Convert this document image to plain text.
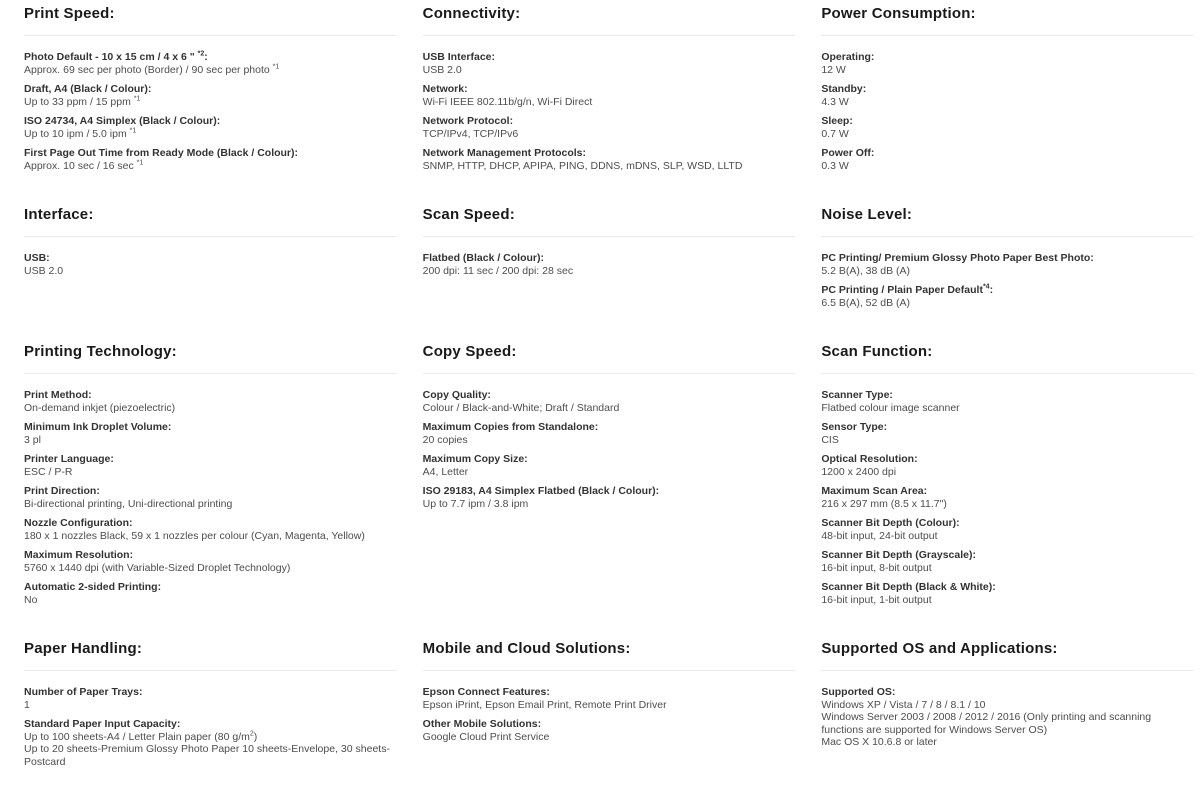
Print Speed:
Photo Default - 10 x 15 cm / 4 x 6 " $^{*2}$:
Approx. 69 sec per photo (Border) / 90 sec per photo $^{*1}$
Draft, A4 (Black / Colour):
Up to 33 ppm / 15 ppm $^{*1}$
ISO 24734, A4 Simplex (Black / Colour):
Up to 10 ipm / 5.0 ipm $^{*1}$
First Page Out Time from Ready Mode (Black / Colour):
Approx. 10 sec / 16 sec $^{*1}$
Connectivity:
USB Interface:
USB 2.0
Network:
Wi-Fi IEEE 802.11b/g/n, Wi-Fi Direct
Network Protocol:
TCP/IPv4, TCP/IPv6
Network Management Protocols:
SNMP, HTTP, DHCP, APIPA, PING, DDNS, mDNS, SLP, WSD, LLTD
Power Consumption:
Operating:
12 W
Standby:
4.3 W
Sleep:
0.7 W
Power Off:
0.3 W
Interface:
USB:
USB 2.0
Scan Speed:
Flatbed (Black / Colour):
200 dpi: 11 sec / 200 dpi: 28 sec
Noise Level:
PC Printing/ Premium Glossy Photo Paper Best Photo:
5.2 B(A), 38 dB (A)
PC Printing / Plain Paper Default$^{*4}$:
6.5 B(A), 52 dB (A)
Printing Technology:
Print Method:
On-demand inkjet (piezoelectric)
Minimum Ink Droplet Volume:
3 pl
Printer Language:
ESC / P-R
Print Direction:
Bi-directional printing, Uni-directional printing
Nozzle Configuration:
180 x 1 nozzles Black, 59 x 1 nozzles per colour (Cyan, Magenta, Yellow)
Maximum Resolution:
5760 x 1440 dpi (with Variable-Sized Droplet Technology)
Automatic 2-sided Printing:
No
Copy Speed:
Copy Quality:
Colour / Black-and-White; Draft / Standard
Maximum Copies from Standalone:
20 copies
Maximum Copy Size:
A4, Letter
ISO 29183, A4 Simplex Flatbed (Black / Colour):
Up to 7.7 ipm / 3.8 ipm
Scan Function:
Scanner Type:
Flatbed colour image scanner
Sensor Type:
CIS
Optical Resolution:
1200 x 2400 dpi
Maximum Scan Area:
216 x 297 mm (8.5 x 11.7")
Scanner Bit Depth (Colour):
48-bit input, 24-bit output
Scanner Bit Depth (Grayscale):
16-bit input, 8-bit output
Scanner Bit Depth (Black & White):
16-bit input, 1-bit output
Paper Handling:
Number of Paper Trays:
1
Standard Paper Input Capacity:
Up to 100 sheets-A4 / Letter Plain paper (80 $g/m^2$)
Up to 20 sheets-Premium Glossy Photo Paper 10 sheets-Envelope, 30 sheets-Postcard
Mobile and Cloud Solutions:
Epson Connect Features:
Epson iPrint, Epson Email Print, Remote Print Driver
Other Mobile Solutions:
Google Cloud Print Service
Supported OS and Applications:
Supported OS:
Windows XP / Vista / 7 / 8 / 8.1 / 10
Windows Server 2003 / 2008 / 2012 / 2016 (Only printing and scanning functions are supported for Windows Server OS)
Mac OS X 10.6.8 or later
